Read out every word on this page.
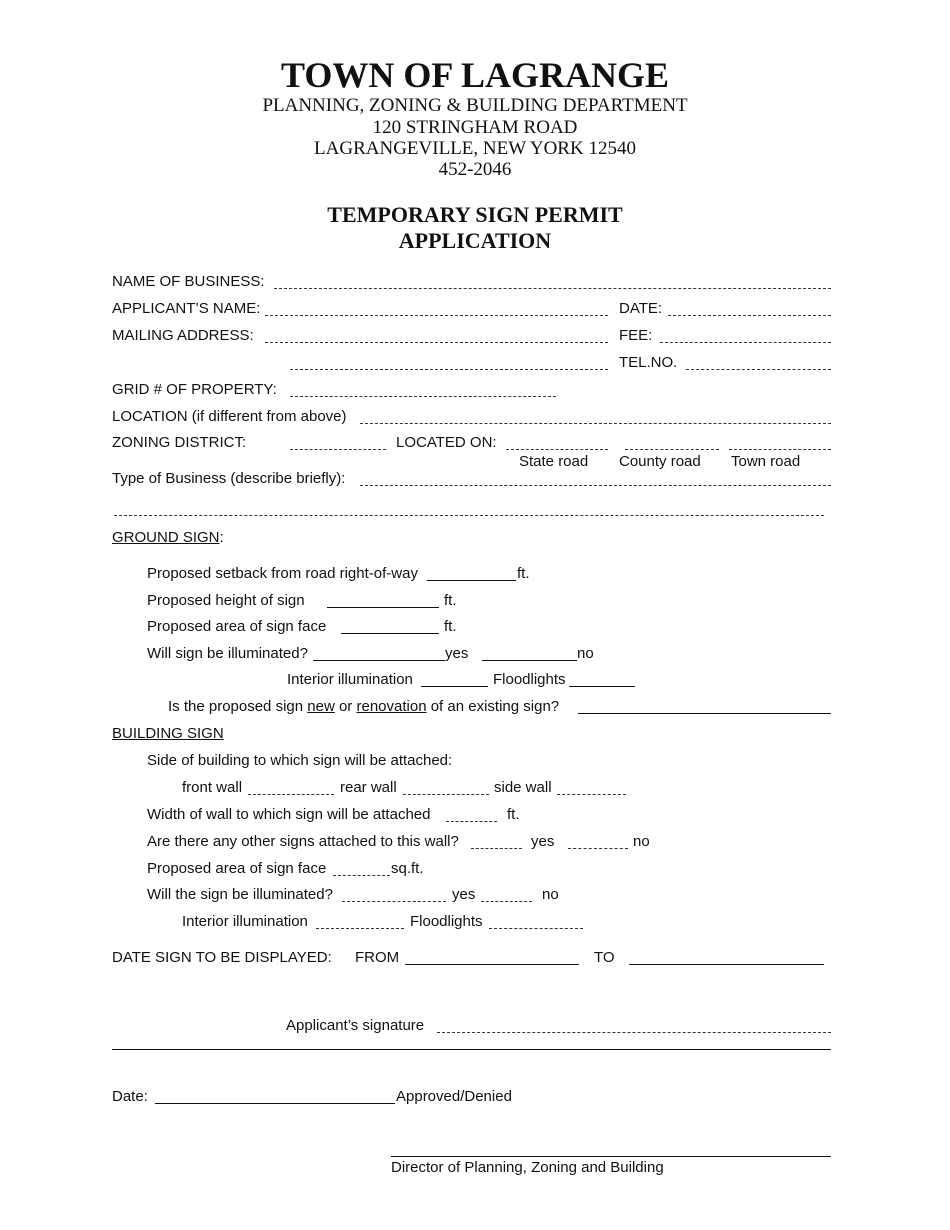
TOWN OF LAGRANGE
PLANNING, ZONING & BUILDING DEPARTMENT
120 STRINGHAM ROAD
LAGRANGEVILLE, NEW YORK 12540
452-2046
TEMPORARY SIGN PERMIT
APPLICATION
NAME OF BUSINESS:
APPLICANT’S NAME:	DATE:
MAILING ADDRESS:	FEE:
TEL.NO.
GRID # OF PROPERTY:
LOCATION (if different from above)
ZONING DISTRICT:	LOCATED ON:
State road County road Town road
Type of Business (describe briefly):
GROUND SIGN:
Proposed setback from road right-of-way	ft.
Proposed height of sign	ft.
Proposed area of sign face	ft.
Will sign be illuminated?	yes	no
Interior illumination	Floodlights
Is the proposed sign new or renovation of an existing sign?
BUILDING SIGN
Side of building to which sign will be attached:
front wall	rear wall	side wall
Width of wall to which sign will be attached	ft.
Are there any other signs attached to this wall?	yes	no
Proposed area of sign face	sq.ft.
Will the sign be illuminated?	yes	no
Interior illumination	Floodlights
DATE SIGN TO BE DISPLAYED: FROM	TO
Applicant’s signature
Date:	Approved/Denied
Director of Planning, Zoning and Building
